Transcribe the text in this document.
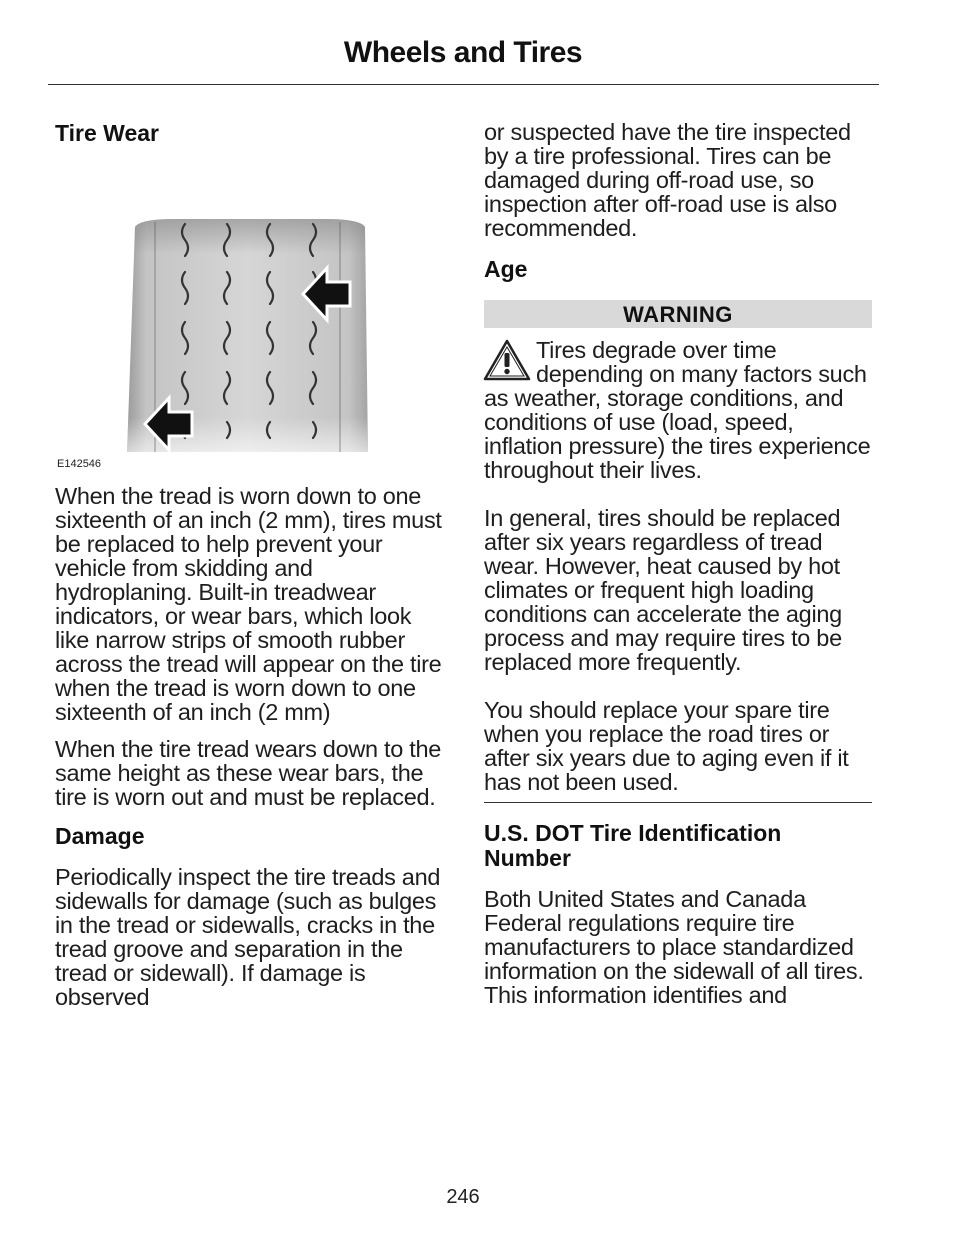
Wheels and Tires
Tire Wear
E142546

When the tread is worn down to one sixteenth of an inch (2 mm), tires must be replaced to help prevent your vehicle from skidding and hydroplaning. Built-in treadwear indicators, or wear bars, which look like narrow strips of smooth rubber across the tread will appear on the tire when the tread is worn down to one sixteenth of an inch (2 mm)

When the tire tread wears down to the same height as these wear bars, the tire is worn out and must be replaced.

Damage

Periodically inspect the tire treads and sidewalls for damage (such as bulges in the tread or sidewalls, cracks in the tread groove and separation in the tread or sidewall). If damage is observed

or suspected have the tire inspected by a tire professional. Tires can be damaged during off-road use, so inspection after off-road use is also recommended.

Age
WARNING

Tires degrade over time depending on many factors such as weather, storage conditions, and conditions of use (load, speed, inflation pressure) the tires experience throughout their lives.

In general, tires should be replaced after six years regardless of tread wear. However, heat caused by hot climates or frequent high loading conditions can accelerate the aging process and may require tires to be replaced more frequently.

You should replace your spare tire when you replace the road tires or after six years due to aging even if it has not been used.

U.S. DOT Tire Identification Number

Both United States and Canada Federal regulations require tire manufacturers to place standardized information on the sidewall of all tires. This information identifies and

246
